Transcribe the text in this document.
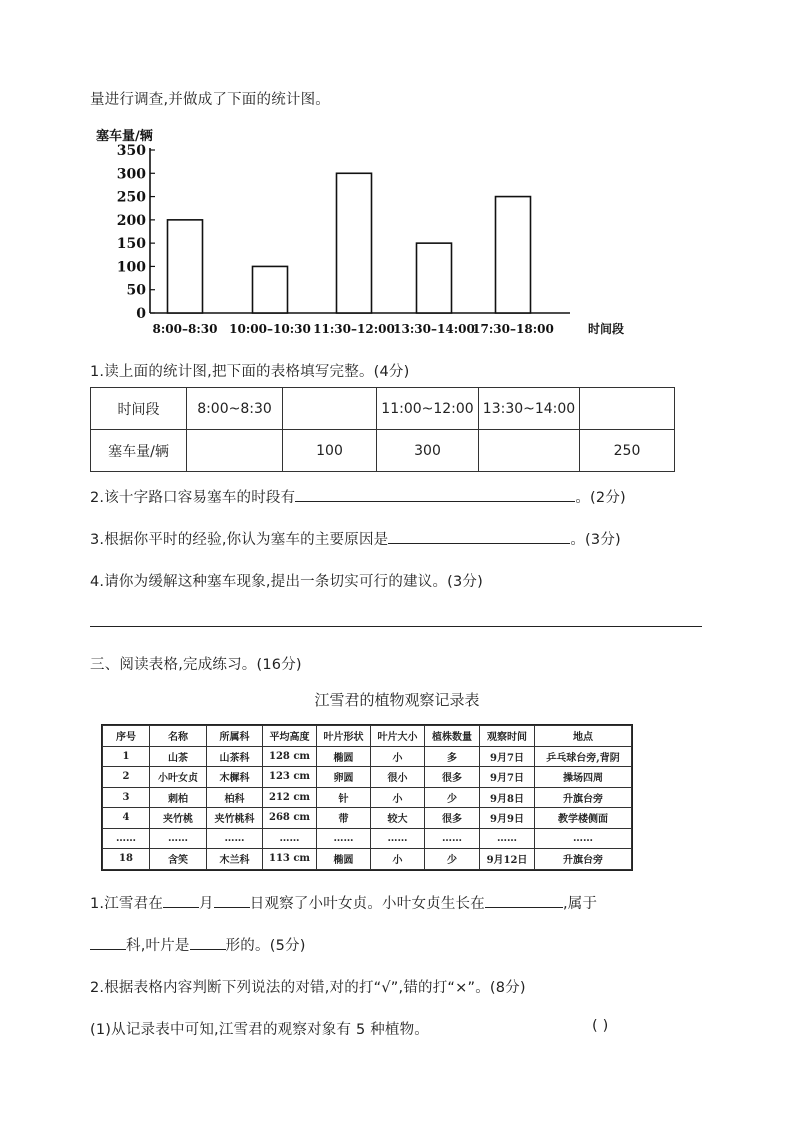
量进行调查,并做成了下面的统计图。
塞车量/辆
0
50
100
150
200
250
300
350
8:00–8:30 10:00–10:30 11:30–12:00
13:30–14:00
17:30–18:00	时间段
1.读上面的统计图,把下面的表格填写完整。(4分)
时间段	8:00~8:30		11:00~12:00	13:30~14:00	
塞车量/辆		100	300		250
2.该十字路口容易塞车的时段有	。(2分)
3.根据你平时的经验,你认为塞车的主要原因是	。(3分)
4.请你为缓解这种塞车现象,提出一条切实可行的建议。(3分)
三、阅读表格,完成练习。(16分)
江雪君的植物观察记录表
序号	名称	所属科	平均高度	叶片形状	叶片大小	植株数量	观察时间	地点
1	山茶	山茶科	128 cm	椭圆	小	多	9月7日	乒乓球台旁,背阴
2	小叶女贞	木樨科	123 cm	卵圆	很小	很多	9月7日	操场四周
3	刺柏	柏科	212 cm	针	小	少	9月8日	升旗台旁
4	夹竹桃	夹竹桃科	268 cm	带	较大	很多	9月9日	教学楼侧面
……	……	……	……	……	……	……	……	……
18	含笑	木兰科	113 cm	椭圆	小	少	9月12日	升旗台旁
1.江雪君在 月 日观察了小叶女贞。小叶女贞生长在	,属于
科,叶片是 形的。(5分)
2.根据表格内容判断下列说法的对错,对的打“√”,错的打“×”。(8分)
(1)从记录表中可知,江雪君的观察对象有 5 种植物。	( )
